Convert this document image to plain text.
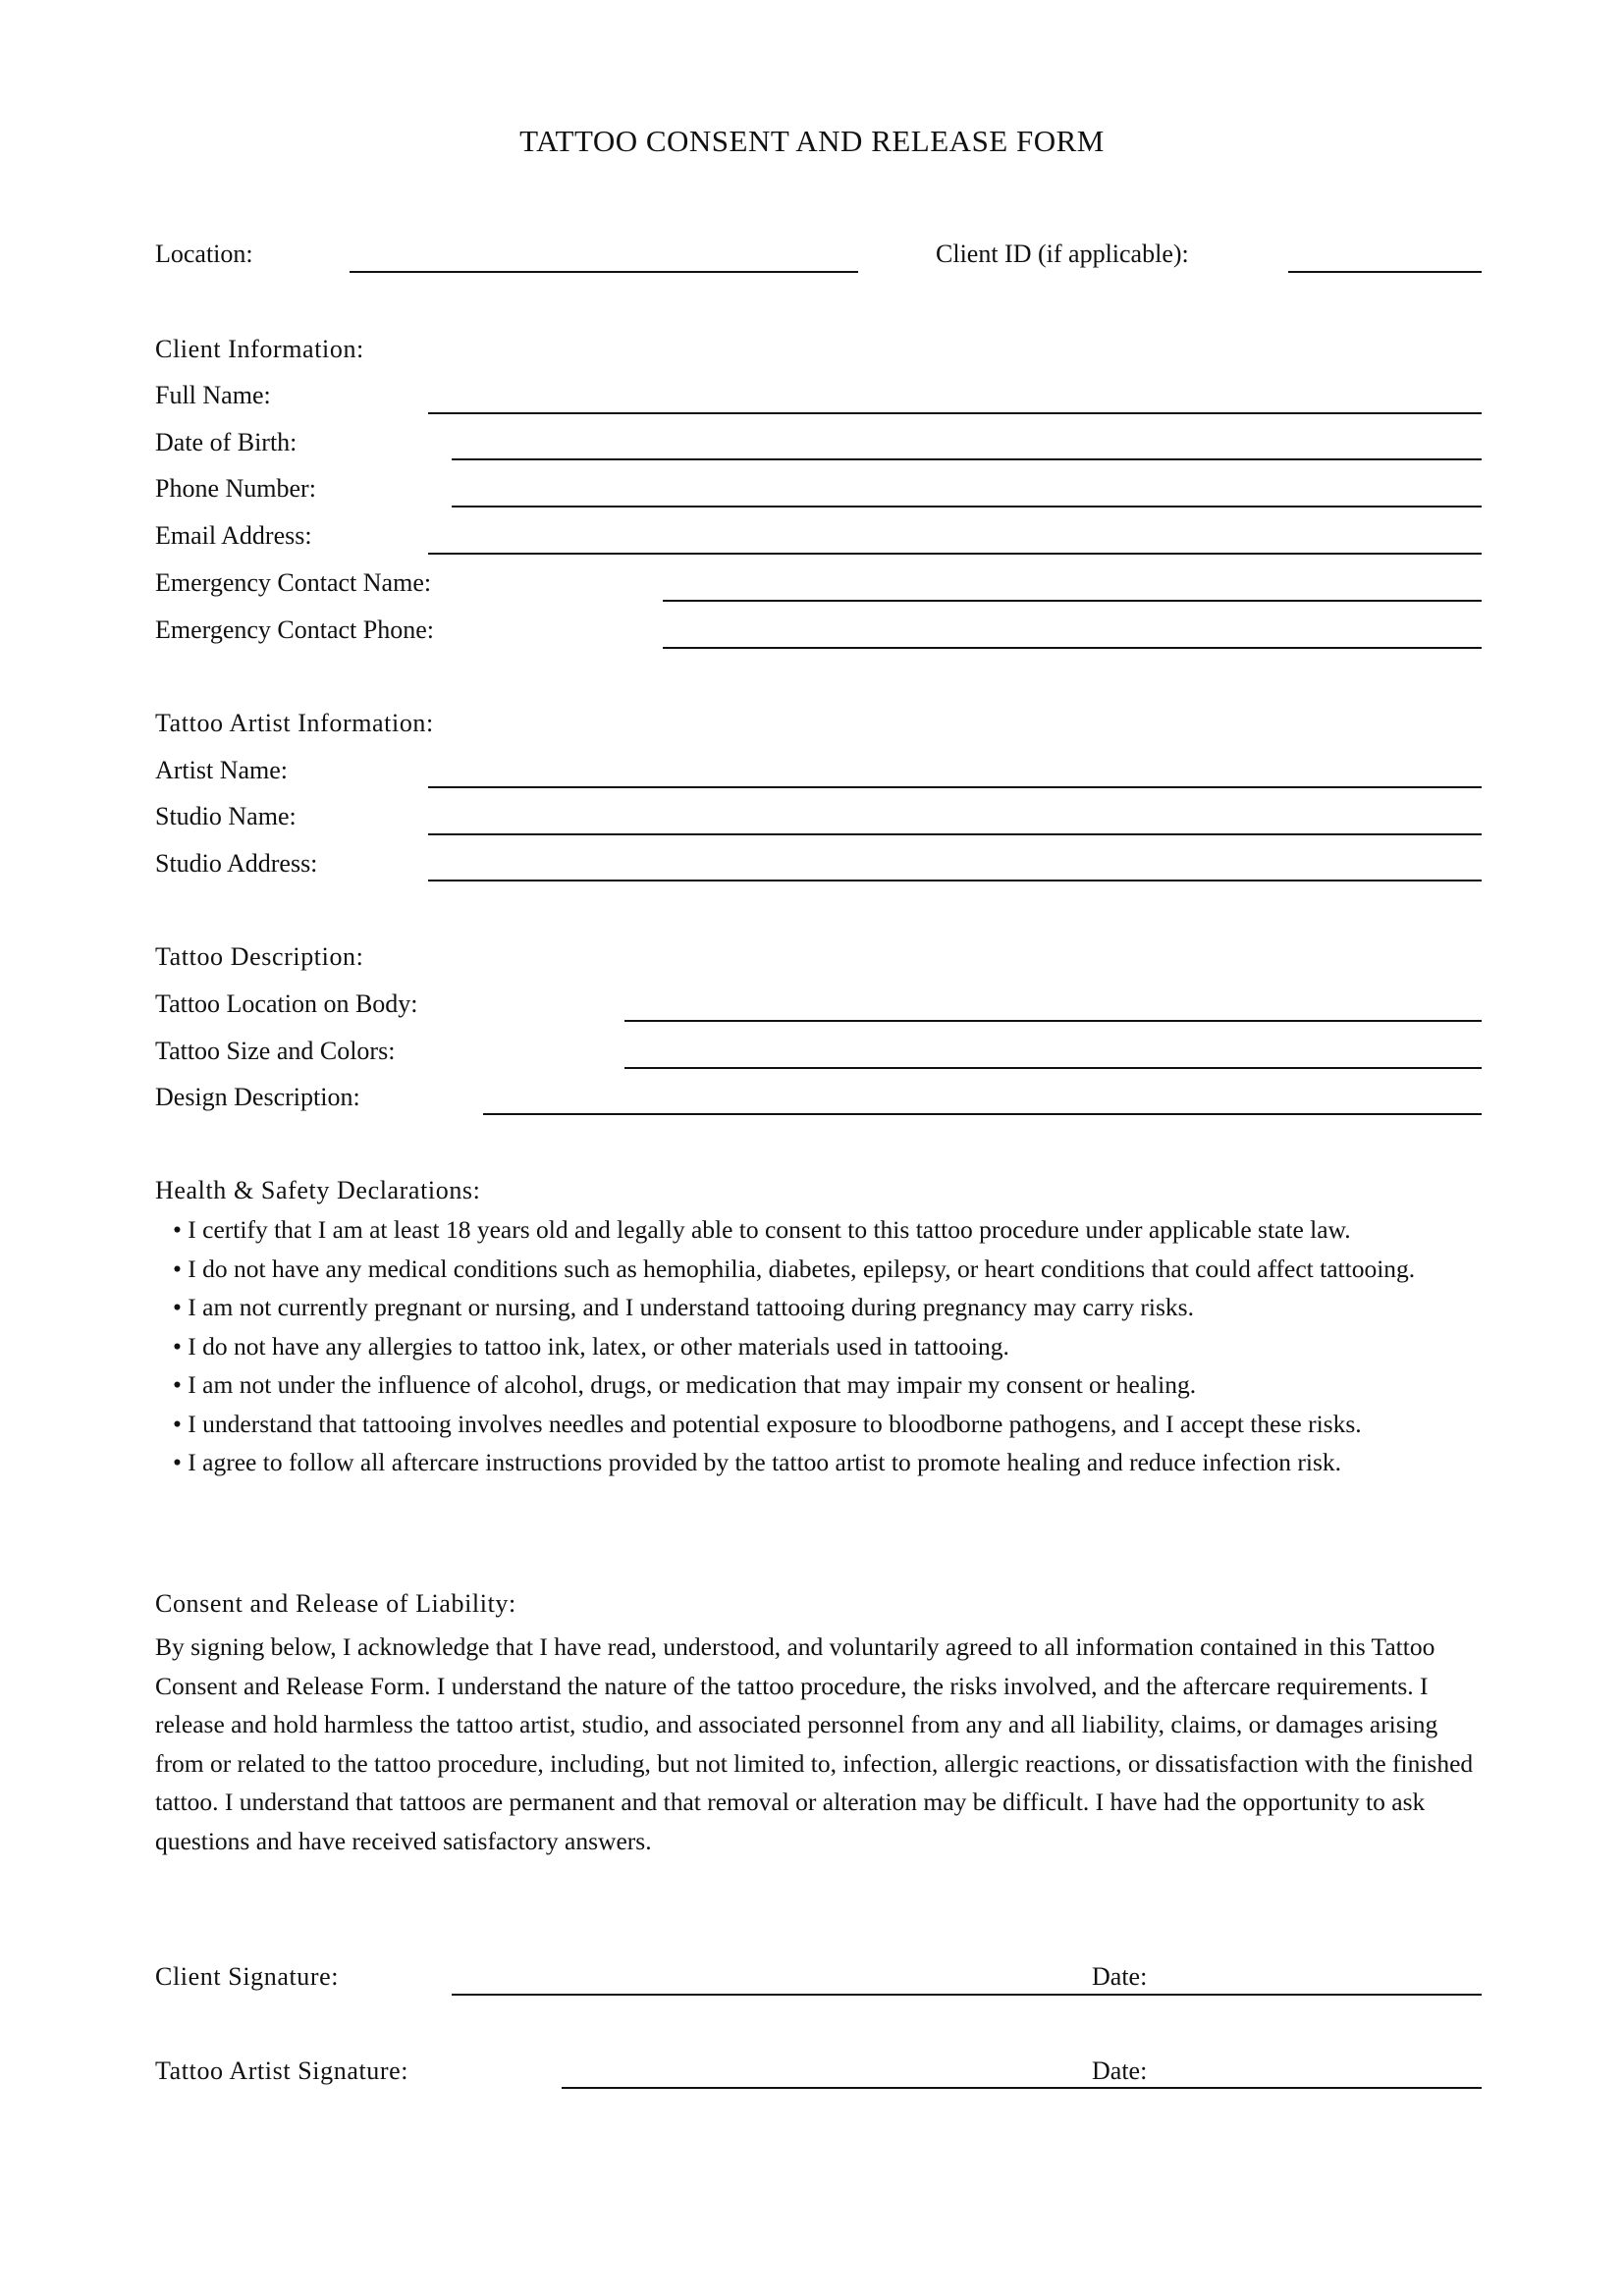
TATTOO CONSENT AND RELEASE FORM
Location:	Client ID (if applicable):
Client Information:
Full Name:
Date of Birth:
Phone Number:
Email Address:
Emergency Contact Name:
Emergency Contact Phone:
Tattoo Artist Information:
Artist Name:
Studio Name:
Studio Address:
Tattoo Description:
Tattoo Location on Body:
Tattoo Size and Colors:
Design Description:
Health & Safety Declarations:
• I certify that I am at least 18 years old and legally able to consent to this tattoo procedure under applicable state law.
• I do not have any medical conditions such as hemophilia, diabetes, epilepsy, or heart conditions that could affect tattooing.
• I am not currently pregnant or nursing, and I understand tattooing during pregnancy may carry risks.
• I do not have any allergies to tattoo ink, latex, or other materials used in tattooing.
• I am not under the influence of alcohol, drugs, or medication that may impair my consent or healing.
• I understand that tattooing involves needles and potential exposure to bloodborne pathogens, and I accept these risks.
• I agree to follow all aftercare instructions provided by the tattoo artist to promote healing and reduce infection risk.
Consent and Release of Liability:

By signing below, I acknowledge that I have read, understood, and voluntarily agreed to all information contained in this Tattoo Consent and Release Form. I understand the nature of the tattoo procedure, the risks involved, and the aftercare requirements. I release and hold harmless the tattoo artist, studio, and associated personnel from any and all liability, claims, or damages arising from or related to the tattoo procedure, including, but not limited to, infection, allergic reactions, or dissatisfaction with the finished tattoo. I understand that tattoos are permanent and that removal or alteration may be difficult. I have had the opportunity to ask questions and have received satisfactory answers.

Client Signature:	Date:
Tattoo Artist Signature:	Date:
